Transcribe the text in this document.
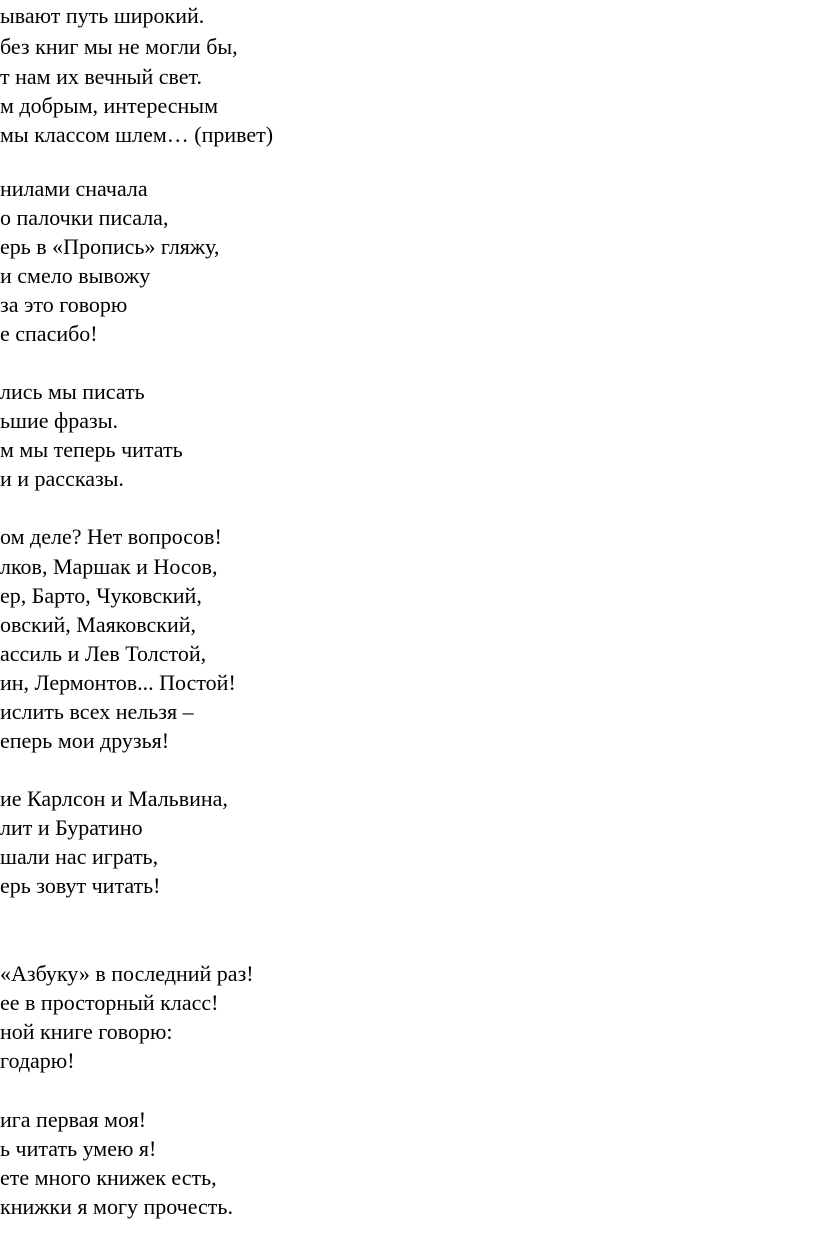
ывают путь широкий.
без книг мы не могли бы,
т нам их вечный свет.
м добрым, интересным
мы классом шлем… (привет)
нилами сначала
о палочки писала,
ерь в «Пропись» гляжу,
и смело вывожу
за это говорю
е спасибо!
лись мы писать
ьшие фразы.
м мы теперь читать
и и рассказы.
ом деле? Нет вопросов!
лков, Маршак и Носов,
ер, Барто, Чуковский,
овский, Маяковский,
ассиль и Лев Толстой,
ин, Лермонтов... Постой!
ислить всех нельзя –
еперь мои друзья!
ие Карлсон и Мальвина,
лит и Буратино
шали нас играть,
ерь зовут читать!
«Азбуку» в последний раз!
ее в просторный класс!
ной книге говорю:
годарю!
ига первая моя!
ь читать умею я!
ете много книжек есть,
книжки я могу прочесть.
